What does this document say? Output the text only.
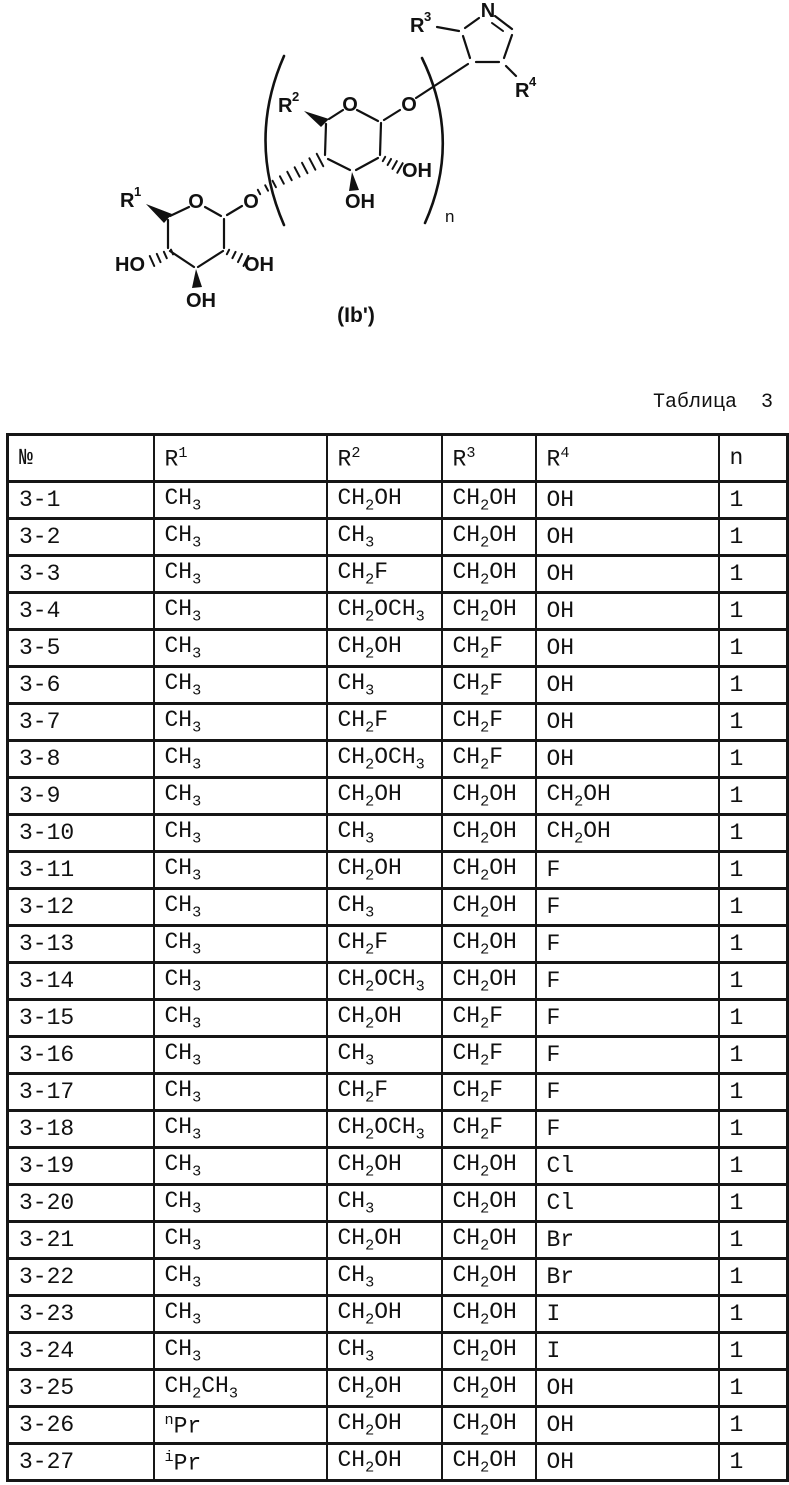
O O
HO	OH
OH
O O
OH
OH
N
R 1
R 2
R 3
R 4
n
(Ib')
Таблица  3
№	$R^1$	$R^2$	$R^3$	$R^4$	n
3-1	$CH_3$	$CH_2OH$	$CH_2OH$	OH	1
3-2	$CH_3$	$CH_3$	$CH_2OH$	OH	1
3-3	$CH_3$	$CH_2F$	$CH_2OH$	OH	1
3-4	$CH_3$	$CH_2OCH_3$	$CH_2OH$	OH	1
3-5	$CH_3$	$CH_2OH$	$CH_2F$	OH	1
3-6	$CH_3$	$CH_3$	$CH_2F$	OH	1
3-7	$CH_3$	$CH_2F$	$CH_2F$	OH	1
3-8	$CH_3$	$CH_2OCH_3$	$CH_2F$	OH	1
3-9	$CH_3$	$CH_2OH$	$CH_2OH$	$CH_2OH$	1
3-10	$CH_3$	$CH_3$	$CH_2OH$	$CH_2OH$	1
3-11	$CH_3$	$CH_2OH$	$CH_2OH$	F	1
3-12	$CH_3$	$CH_3$	$CH_2OH$	F	1
3-13	$CH_3$	$CH_2F$	$CH_2OH$	F	1
3-14	$CH_3$	$CH_2OCH_3$	$CH_2OH$	F	1
3-15	$CH_3$	$CH_2OH$	$CH_2F$	F	1
3-16	$CH_3$	$CH_3$	$CH_2F$	F	1
3-17	$CH_3$	$CH_2F$	$CH_2F$	F	1
3-18	$CH_3$	$CH_2OCH_3$	$CH_2F$	F	1
3-19	$CH_3$	$CH_2OH$	$CH_2OH$	Cl	1
3-20	$CH_3$	$CH_3$	$CH_2OH$	Cl	1
3-21	$CH_3$	$CH_2OH$	$CH_2OH$	Br	1
3-22	$CH_3$	$CH_3$	$CH_2OH$	Br	1
3-23	$CH_3$	$CH_2OH$	$CH_2OH$	I	1
3-24	$CH_3$	$CH_3$	$CH_2OH$	I	1
3-25	$CH_2CH_3$	$CH_2OH$	$CH_2OH$	OH	1
3-26	$^n$Pr	$CH_2OH$	$CH_2OH$	OH	1
3-27	$^i$Pr	$CH_2OH$	$CH_2OH$	OH	1
